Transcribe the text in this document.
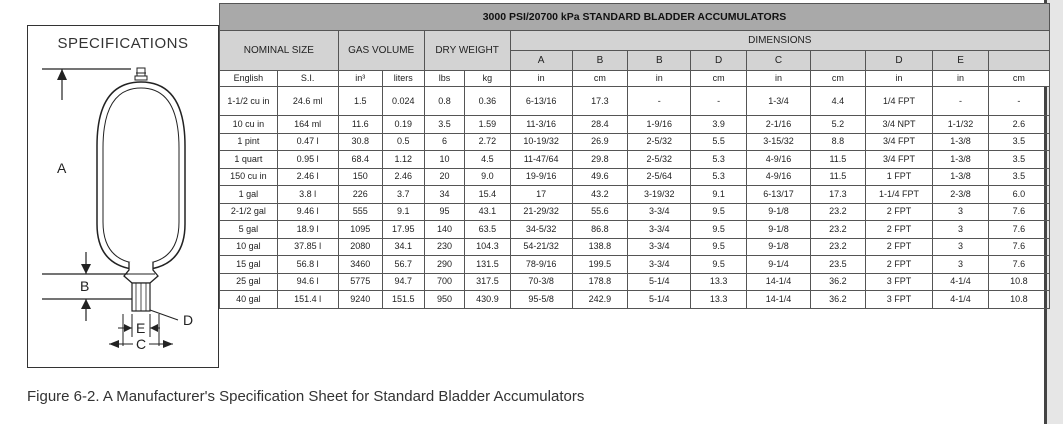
SPECIFICATIONS
A
B
E	D
C
3000 PSI/20700 kPa STANDARD BLADDER ACCUMULATORS														
NOMINAL SIZE		GAS VOLUME		DRY WEIGHT		DIMENSIONS								
						A	B	B	D	C		D	E	
English	S.I.	in³	liters	lbs	kg	in	cm	in	cm	in	cm	in	in	cm
1-1/2 cu in	24.6 ml	1.5	0.024	0.8	0.36	6-13/16	17.3	-	-	1-3/4	4.4	1/4 FPT	-	-
10 cu in	164 ml	11.6	0.19	3.5	1.59	11-3/16	28.4	1-9/16	3.9	2-1/16	5.2	3/4 NPT	1-1/32	2.6
1 pint	0.47 l	30.8	0.5	6	2.72	10-19/32	26.9	2-5/32	5.5	3-15/32	8.8	3/4 FPT	1-3/8	3.5
1 quart	0.95 l	68.4	1.12	10	4.5	11-47/64	29.8	2-5/32	5.3	4-9/16	11.5	3/4 FPT	1-3/8	3.5
150 cu in	2.46 l	150	2.46	20	9.0	19-9/16	49.6	2-5/64	5.3	4-9/16	11.5	1 FPT	1-3/8	3.5
1 gal	3.8 l	226	3.7	34	15.4	17	43.2	3-19/32	9.1	6-13/17	17.3	1-1/4 FPT	2-3/8	6.0
2-1/2 gal	9.46 l	555	9.1	95	43.1	21-29/32	55.6	3-3/4	9.5	9-1/8	23.2	2 FPT	3	7.6
5 gal	18.9 l	1095	17.95	140	63.5	34-5/32	86.8	3-3/4	9.5	9-1/8	23.2	2 FPT	3	7.6
10 gal	37.85 l	2080	34.1	230	104.3	54-21/32	138.8	3-3/4	9.5	9-1/8	23.2	2 FPT	3	7.6
15 gal	56.8 l	3460	56.7	290	131.5	78-9/16	199.5	3-3/4	9.5	9-1/4	23.5	2 FPT	3	7.6
25 gal	94.6 l	5775	94.7	700	317.5	70-3/8	178.8	5-1/4	13.3	14-1/4	36.2	3 FPT	4-1/4	10.8
40 gal	151.4 l	9240	151.5	950	430.9	95-5/8	242.9	5-1/4	13.3	14-1/4	36.2	3 FPT	4-1/4	10.8
Figure 6-2. A Manufacturer's Specification Sheet for Standard Bladder Accumulators
